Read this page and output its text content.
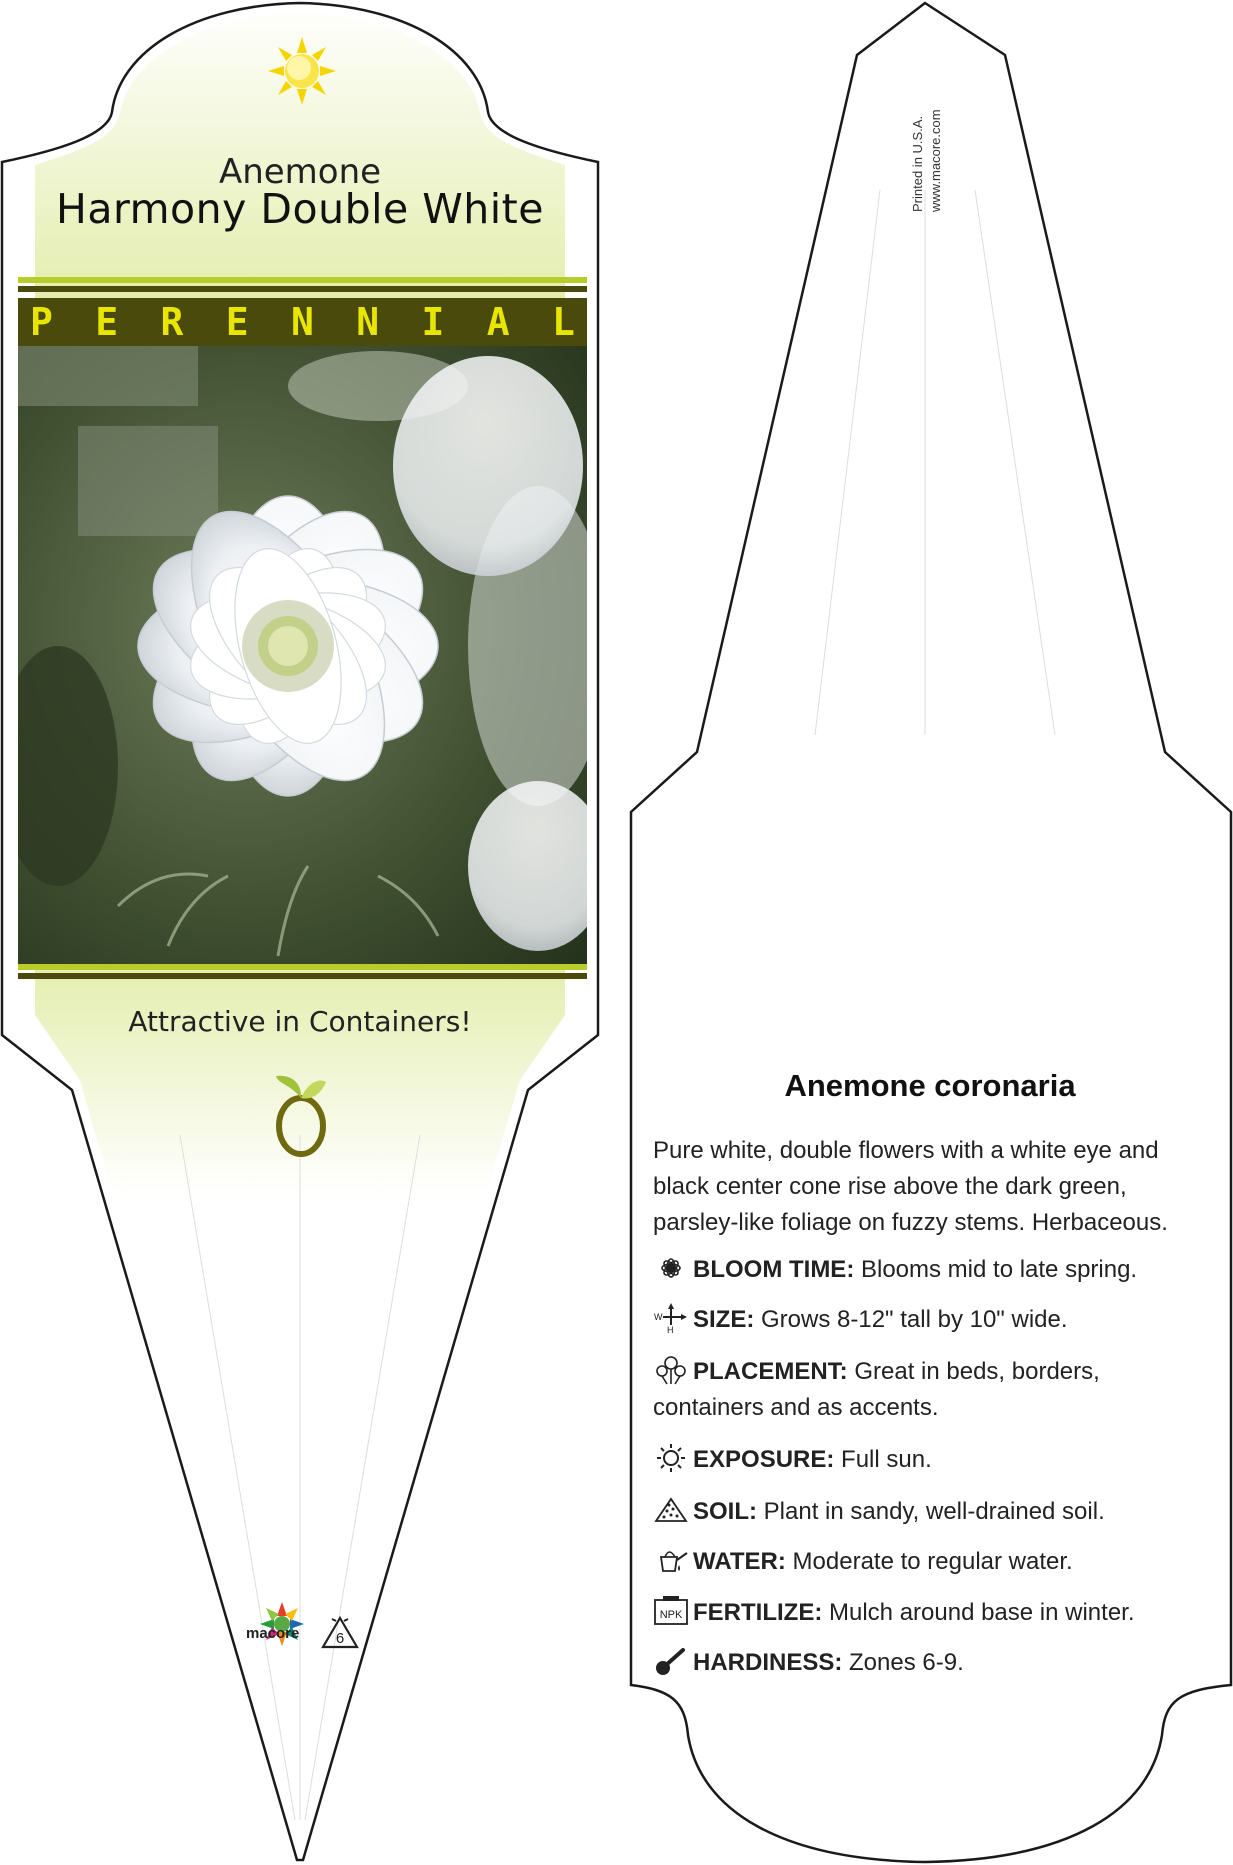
Anemone
Harmony Double White
P E R E N N I A L
Attractive in Containers!
macore 6
Printed in U.S.A. www.macore.com
Anemone coronaria
Pure white, double flowers with a white eye and black center cone rise above the dark green, parsley-like foliage on fuzzy stems. Herbaceous.
BLOOM TIME: Blooms mid to late spring.
W
H SIZE: Grows 8-12" tall by 10" wide.
PLACEMENT: Great in beds, borders, containers and as accents.
EXPOSURE: Full sun.
SOIL: Plant in sandy, well-drained soil.
WATER: Moderate to regular water.
NPK FERTILIZE: Mulch around base in winter.
HARDINESS: Zones 6-9.
